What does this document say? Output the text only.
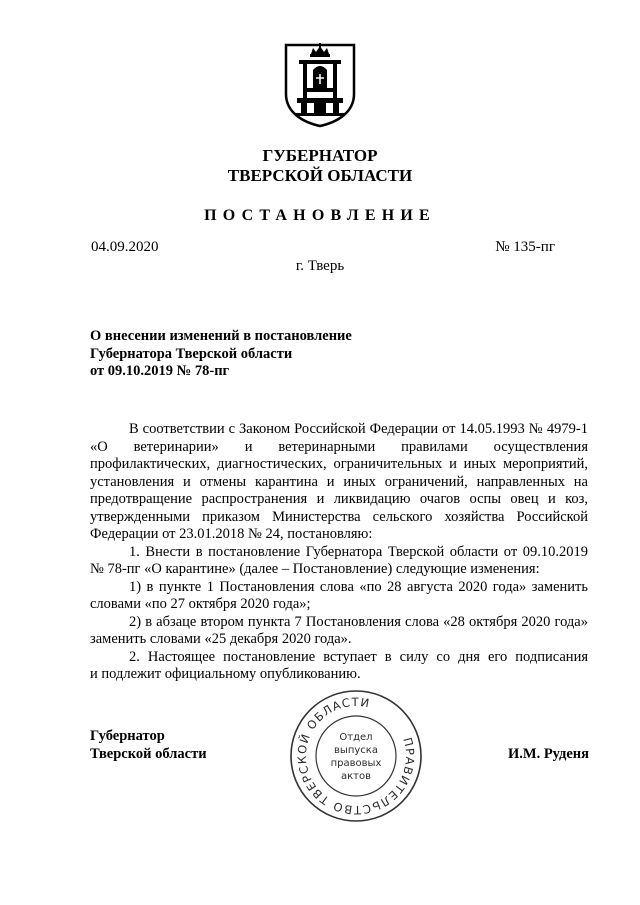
ГУБЕРНАТОР
ТВЕРСКОЙ ОБЛАСТИ
ПОСТАНОВЛЕНИЕ
04.09.2020	№ 135-пг
г. Тверь
О внесении изменений в постановление
Губернатора Тверской области
от 09.10.2019 № 78-пг

В соответствии с Законом Российской Федерации от 14.05.1993 № 4979-1 «О ветеринарии» и ветеринарными правилами осуществления профилактических, диагностических, ограничительных и иных мероприятий, установления и отмены карантина и иных ограничений, направленных на предотвращение распространения и ликвидацию очагов оспы овец и коз, утвержденными приказом Министерства сельского хозяйства Российской

Федерации от 23.01.2018 № 24, постановляю:

1. Внести в постановление Губернатора Тверской области от 09.10.2019

№ 78-пг «О карантине» (далее – Постановление) следующие изменения:

1) в пункте 1 Постановления слова «по 28 августа 2020 года» заменить

словами «по 27 октября 2020 года»;

2) в абзаце втором пункта 7 Постановления слова «28 октября 2020 года»

заменить словами «25 декабря 2020 года».

2. Настоящее постановление вступает в силу со дня его подписания

и подлежит официальному опубликованию.

Губернатор
Тверской области	И.М. Руденя
ПРАВИТЕЛЬСТВО ТВЕРСКОЙ ОБЛАСТИ
Отдел
выпуска
правовых
актов
